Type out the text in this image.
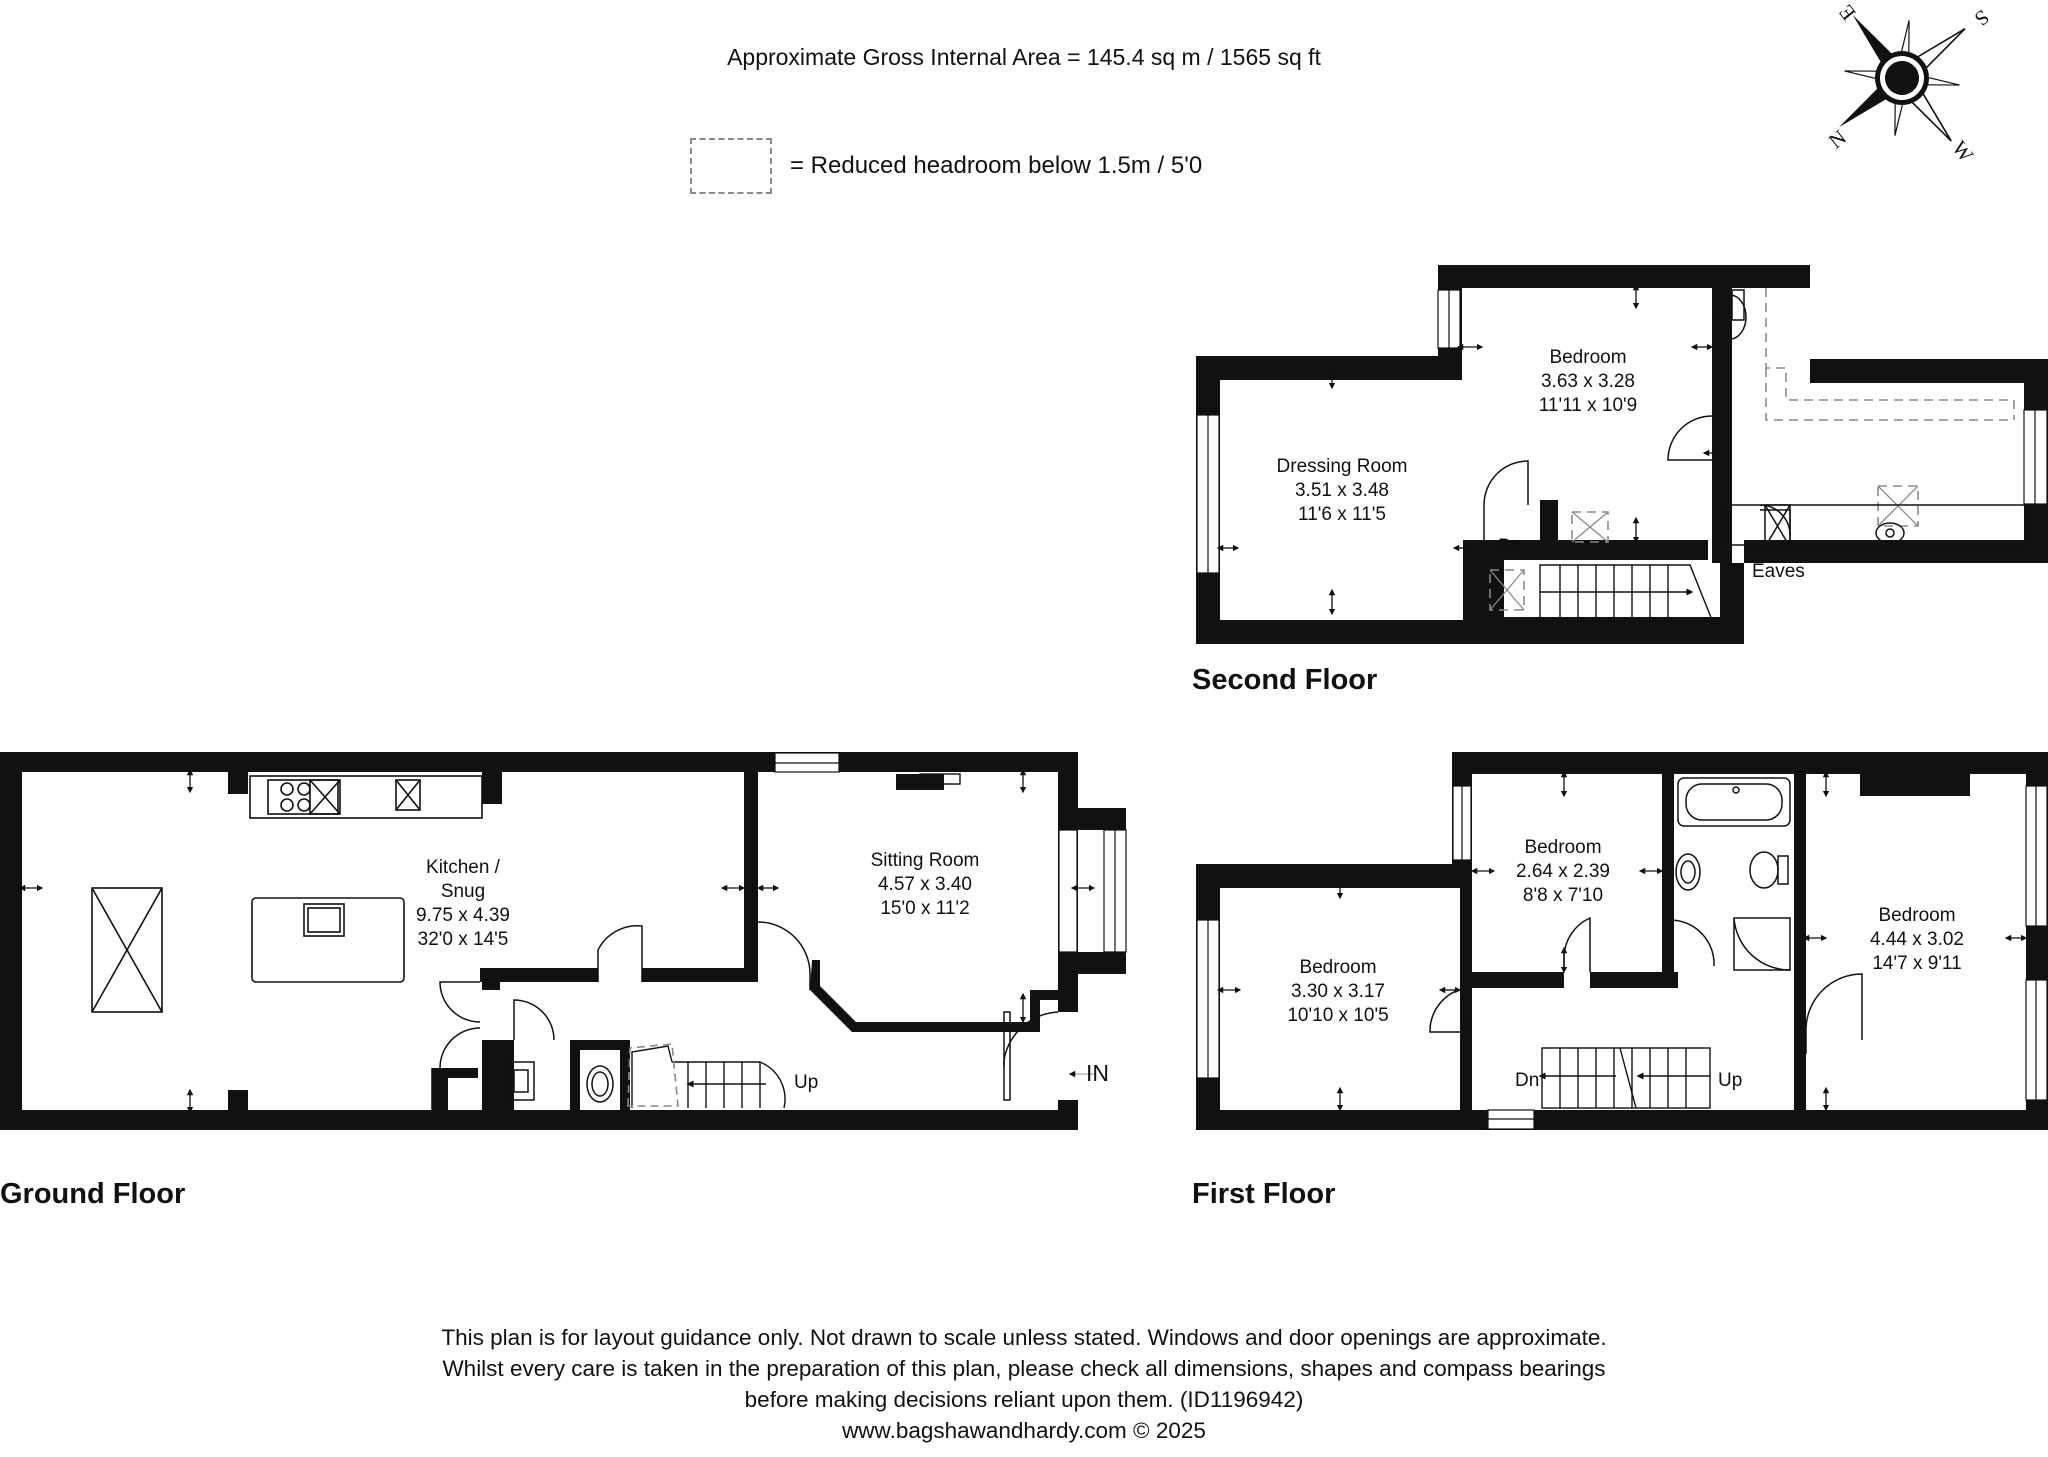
Approximate Gross Internal Area = 145.4 sq m / 1565 sq ft
= Reduced headroom below 1.5m / 5'0
S
E
N	W
Bedroom
3.63 x 3.28
11'11 x 10'9
Dressing Room
3.51 x 3.48
11'6 x 11'5
Dn
Eaves
Second Floor
Kitchen /
Snug
9.75 x 4.39
32'0 x 14'5
Sitting Room
4.57 x 3.40
15'0 x 11'2
Up	IN
Ground Floor
Bedroom
3.30 x 3.17
10'10 x 10'5
Bedroom
2.64 x 2.39
8'8 x 7'10
Bedroom
4.44 x 3.02
14'7 x 9'11
Dn	Up
First Floor
This plan is for layout guidance only. Not drawn to scale unless stated. Windows and door openings are approximate.
Whilst every care is taken in the preparation of this plan, please check all dimensions, shapes and compass bearings
before making decisions reliant upon them. (ID1196942)
www.bagshawandhardy.com © 2025
